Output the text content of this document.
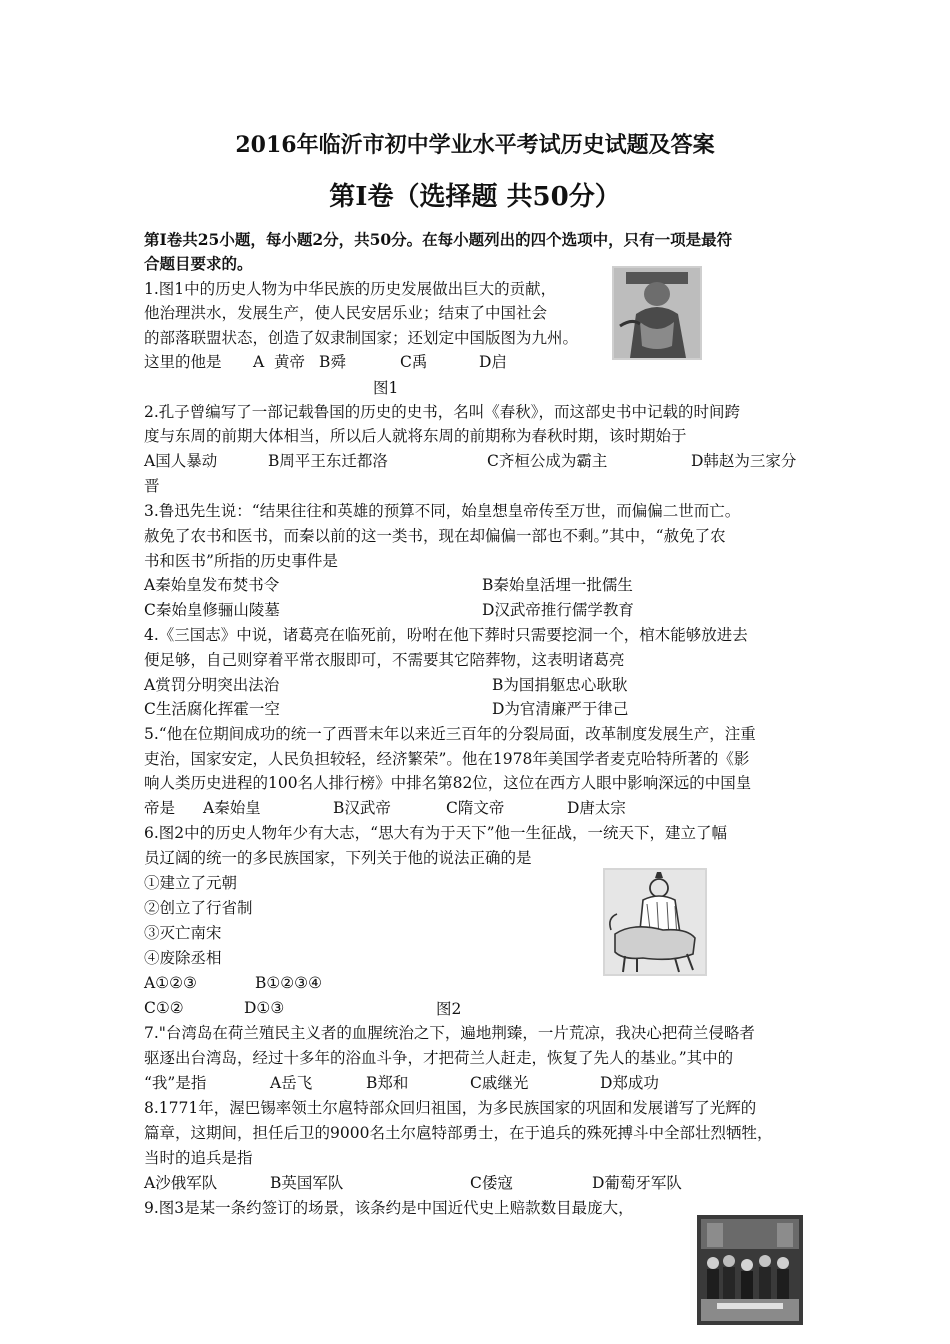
2016年临沂市初中学业水平考试历史试题及答案
第Ⅰ卷（选择题 共50分）
第Ⅰ卷共25小题，每小题2分，共50分。在每小题列出的四个选项中，只有一项是最符
合题目要求的。
1.图1中的历史人物为中华民族的历史发展做出巨大的贡献，
他治理洪水，发展生产，使人民安居乐业；结束了中国社会
的部落联盟状态，创造了奴隶制国家；还划定中国版图为九州。
这里的他是 A  黄帝 B舜	C禹	D启
图1
2.孔子曾编写了一部记载鲁国的历史的史书，名叫《春秋》，而这部史书中记载的时间跨
度与东周的前期大体相当，所以后人就将东周的前期称为春秋时期，该时期始于
A国人暴动	B周平王东迁都洛	C齐桓公成为霸主	D韩赵为三家分
晋
3.鲁迅先生说：“结果往往和英雄的预算不同，始皇想皇帝传至万世，而偏偏二世而亡。
赦免了农书和医书，而秦以前的这一类书，现在却偏偏一部也不剩。”其中，“赦免了农
书和医书”所指的历史事件是
A秦始皇发布焚书令	B秦始皇活埋一批儒生
C秦始皇修骊山陵墓	D汉武帝推行儒学教育
4.《三国志》中说，诸葛亮在临死前，吩咐在他下葬时只需要挖洞一个，棺木能够放进去
便足够，自己则穿着平常衣服即可，不需要其它陪葬物，这表明诸葛亮
A赏罚分明突出法治	B为国捐躯忠心耿耿
C生活腐化挥霍一空	D为官清廉严于律己
5.“他在位期间成功的统一了西晋末年以来近三百年的分裂局面，改革制度发展生产，注重
吏治，国家安定，人民负担较轻，经济繁荣”。他在1978年美国学者麦克哈特所著的《影
响人类历史进程的100名人排行榜》中排名第82位，这位在西方人眼中影响深远的中国皇
帝是 A秦始皇	B汉武帝	C隋文帝	D唐太宗
6.图2中的历史人物年少有大志，“思大有为于天下”他一生征战，一统天下，建立了幅
员辽阔的统一的多民族国家，下列关于他的说法正确的是
①建立了元朝
②创立了行省制
③灭亡南宋
④废除丞相
A①②③	B①②③④
C①②	D①③	图2
7."台湾岛在荷兰殖民主义者的血腥统治之下，遍地荆臻，一片荒凉，我决心把荷兰侵略者
驱逐出台湾岛，经过十多年的浴血斗争，才把荷兰人赶走，恢复了先人的基业。”其中的
“我”是指	A岳飞	B郑和	C戚继光	D郑成功
8.1771年，渥巴锡率领土尔扈特部众回归祖国，为多民族国家的巩固和发展谱写了光辉的
篇章，这期间，担任后卫的9000名土尔扈特部勇士，在于追兵的殊死搏斗中全部壮烈牺牲，
当时的追兵是指
A沙俄军队	B英国军队	C倭寇	D葡萄牙军队
9.图3是某一条约签订的场景，该条约是中国近代史上赔款数目最庞大，
